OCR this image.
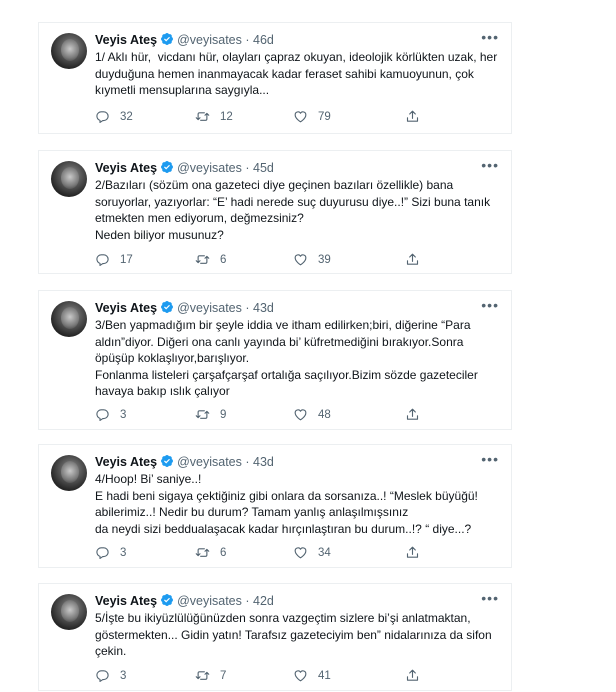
Veyis Ateş @veyisates · 46d	•••
1/ Aklı hür,  vicdanı hür, olayları çapraz okuyan, ideolojik körlükten uzak, her
duyduğuna hemen inanmayacak kadar feraset sahibi kamuoyunun, çok
kıymetli mensuplarına saygıyla...
32	12	79
Veyis Ateş @veyisates · 45d	•••
2/Bazıları (sözüm ona gazeteci diye geçinen bazıları özellikle) bana
soruyorlar, yazıyorlar: “E’ hadi nerede suç duyurusu diye..!” Sizi buna tanık
etmekten men ediyorum, değmezsiniz?
Neden biliyor musunuz?
17	6	39
Veyis Ateş @veyisates · 43d	•••
3/Ben yapmadığım bir şeyle iddia ve itham edilirken;biri, diğerine “Para
aldın”diyor. Diğeri ona canlı yayında bi’ küfretmediğini bırakıyor.Sonra
öpüşüp koklaşlıyor,barışlıyor.
Fonlanma listeleri çarşafçarşaf ortalığa saçılıyor.Bizim sözde gazeteciler
havaya bakıp ıslık çalıyor
3	9	48
Veyis Ateş @veyisates · 43d	•••
4/Hoop! Bi’ saniye..!
E hadi beni sigaya çektiğiniz gibi onlara da sorsanıza..! “Meslek büyüğü!
abilerimiz..! Nedir bu durum? Tamam yanlış anlaşılmışsınız
da neydi sizi beddualaşacak kadar hırçınlaştıran bu durum..!? “ diye...?
3	6	34
Veyis Ateş @veyisates · 42d	•••
5/İşte bu ikiyüzlülüğünüzden sonra vazgeçtim sizlere bi’şi anlatmaktan,
göstermekten... Gidin yatın! Tarafsız gazeteciyim ben” nidalarınıza da sifon
çekin.
3	7	41
